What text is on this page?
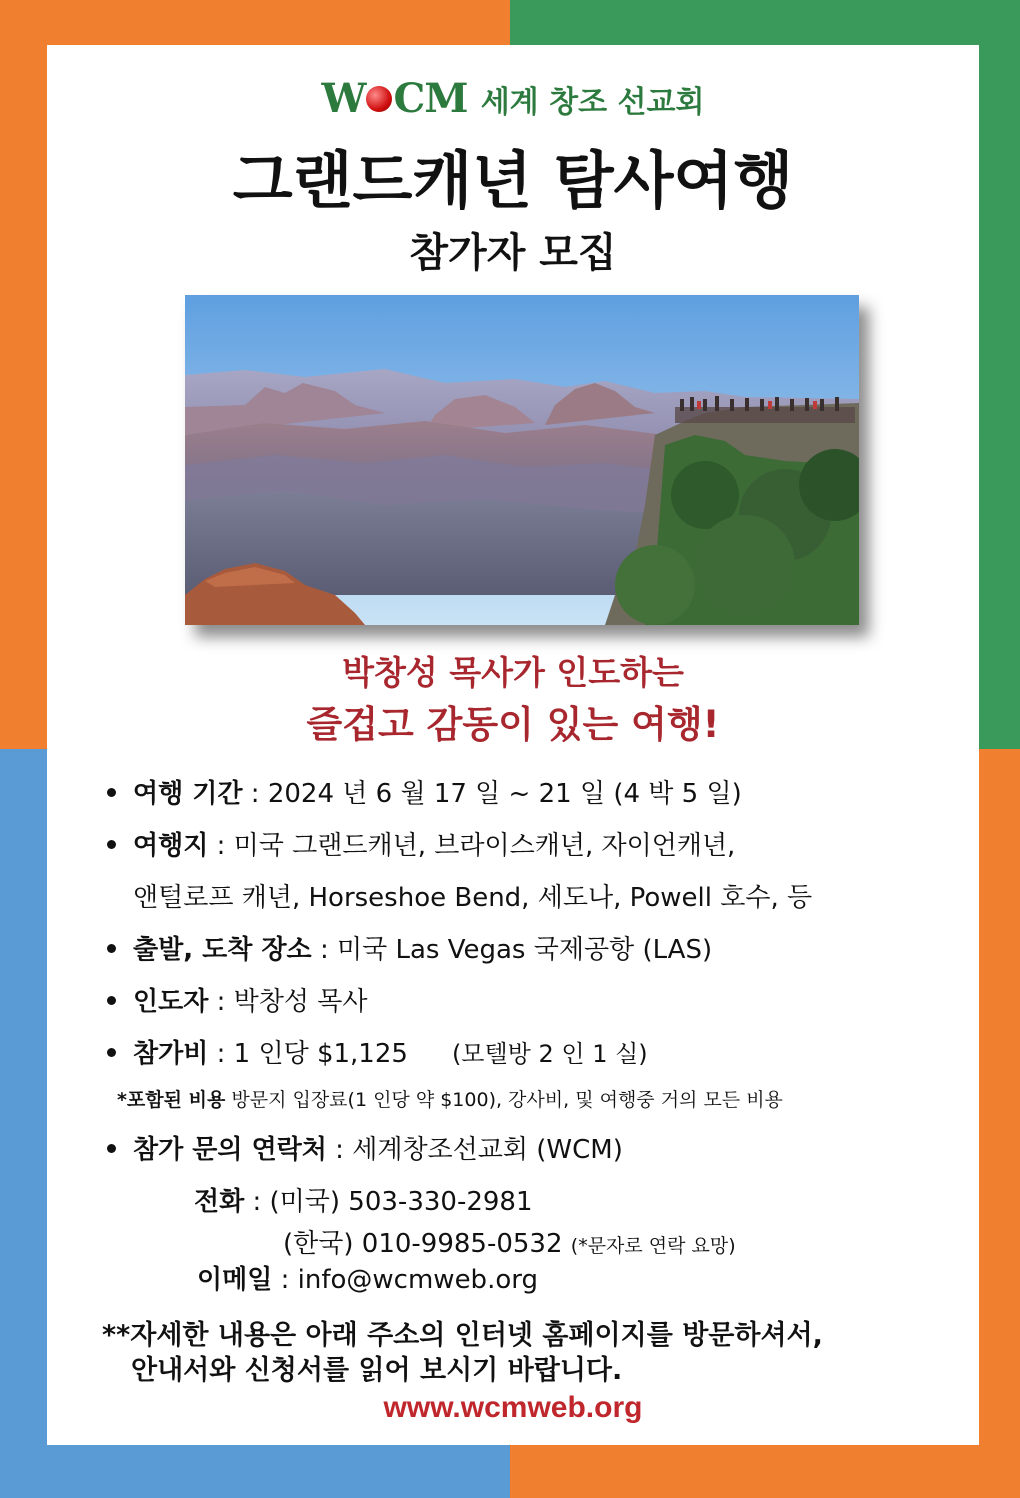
W CM 세계 창조 선교회
그랜드캐년 탐사여행
참가자 모집
박창성 목사가 인도하는
즐겁고 감동이 있는 여행!
여행 기간 : 2024 년 6 월 17 일 ~ 21 일 (4 박 5 일)
여행지 : 미국 그랜드캐년, 브라이스캐년, 자이언캐년,
앤털로프 캐년, Horseshoe Bend, 세도나, Powell 호수, 등
출발, 도착 장소 : 미국 Las Vegas 국제공항 (LAS)
인도자 : 박창성 목사
참가비 : 1 인당 $1,125 (모텔방 2 인 1 실)
*포함된 비용 방문지 입장료(1 인당 약 $100), 강사비, 및 여행중 거의 모든 비용
참가 문의 연락처 : 세계창조선교회 (WCM)
전화 : (미국) 503-330-2981
(한국) 010-9985-0532 (*문자로 연락 요망)
이메일 : info@wcmweb.org
**자세한 내용은 아래 주소의 인터넷 홈페이지를 방문하셔서,
안내서와 신청서를 읽어 보시기 바랍니다.
www.wcmweb.org
